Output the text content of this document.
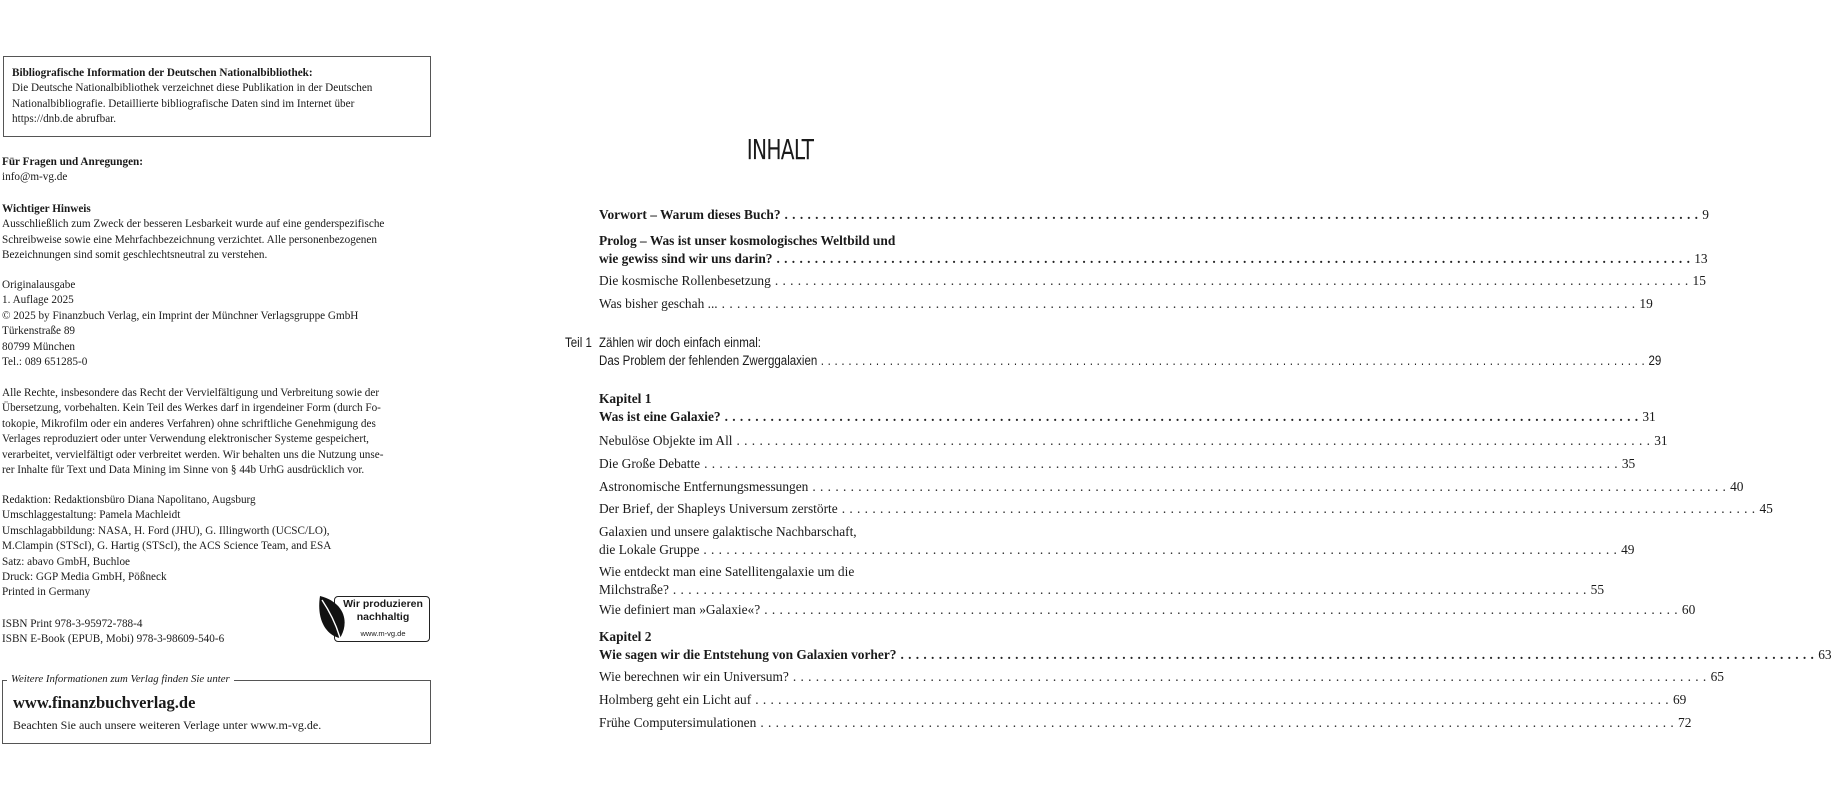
Bibliografische Information der Deutschen Nationalbibliothek:
Die Deutsche Nationalbibliothek verzeichnet diese Publikation in der Deutschen
Nationalbibliografie. Detaillierte bibliografische Daten sind im Internet über
https://dnb.de abrufbar.

Für Fragen und Anregungen:

info@m-vg.de

Wichtiger Hinweis

Ausschließlich zum Zweck der besseren Lesbarkeit wurde auf eine genderspezifische

Schreibweise sowie eine Mehrfachbezeichnung verzichtet. Alle personenbezogenen

Bezeichnungen sind somit geschlechtsneutral zu verstehen.

Originalausgabe

1. Auflage 2025

© 2025 by Finanzbuch Verlag, ein Imprint der Münchner Verlagsgruppe GmbH

Türkenstraße 89

80799 München

Tel.: 089 651285-0

Alle Rechte, insbesondere das Recht der Vervielfältigung und Verbreitung sowie der

Übersetzung, vorbehalten. Kein Teil des Werkes darf in irgendeiner Form (durch Fo-

tokopie, Mikrofilm oder ein anderes Verfahren) ohne schriftliche Genehmigung des

Verlages reproduziert oder unter Verwendung elektronischer Systeme gespeichert,

verarbeitet, vervielfältigt oder verbreitet werden. Wir behalten uns die Nutzung unse-

rer Inhalte für Text und Data Mining im Sinne von § 44b UrhG ausdrücklich vor.

Redaktion: Redaktionsbüro Diana Napolitano, Augsburg

Umschlaggestaltung: Pamela Machleidt

Umschlagabbildung: NASA, H. Ford (JHU), G. Illingworth (UCSC/LO),

M.Clampin (STScI), G. Hartig (STScI), the ACS Science Team, and ESA

Satz: abavo GmbH, Buchloe

Druck: GGP Media GmbH, Pößneck

Printed in Germany

ISBN Print 978-3-95972-788-4

ISBN E-Book (EPUB, Mobi) 978-3-98609-540-6

Wir produzieren
nachhaltig
www.m-vg.de
Weitere Informationen zum Verlag finden Sie unter
www.finanzbuchverlag.de
Beachten Sie auch unsere weiteren Verlage unter www.m-vg.de.
INHALT
Teil 1
Vorwort – Warum dieses Buch? ........................................................................................................................ 9
Prolog – Was ist unser kosmologisches Weltbild und
wie gewiss sind wir uns darin? ........................................................................................................................ 13
Die kosmische Rollenbesetzung ........................................................................................................................ 15
Was bisher geschah ... ........................................................................................................................ 19
Zählen wir doch einfach einmal:
Das Problem der fehlenden Zwerggalaxien ........................................................................................................................ 29
Kapitel 1
Was ist eine Galaxie? ........................................................................................................................ 31
Nebulöse Objekte im All ........................................................................................................................ 31
Die Große Debatte ........................................................................................................................ 35
Astronomische Entfernungsmessungen ........................................................................................................................ 40
Der Brief, der Shapleys Universum zerstörte ........................................................................................................................ 45
Galaxien und unsere galaktische Nachbarschaft,
die Lokale Gruppe ........................................................................................................................ 49
Wie entdeckt man eine Satellitengalaxie um die
Milchstraße? ........................................................................................................................ 55
Wie definiert man »Galaxie«? ........................................................................................................................ 60
Kapitel 2
Wie sagen wir die Entstehung von Galaxien vorher? ........................................................................................................................ 63
Wie berechnen wir ein Universum? ........................................................................................................................ 65
Holmberg geht ein Licht auf ........................................................................................................................ 69
Frühe Computersimulationen ........................................................................................................................ 72
